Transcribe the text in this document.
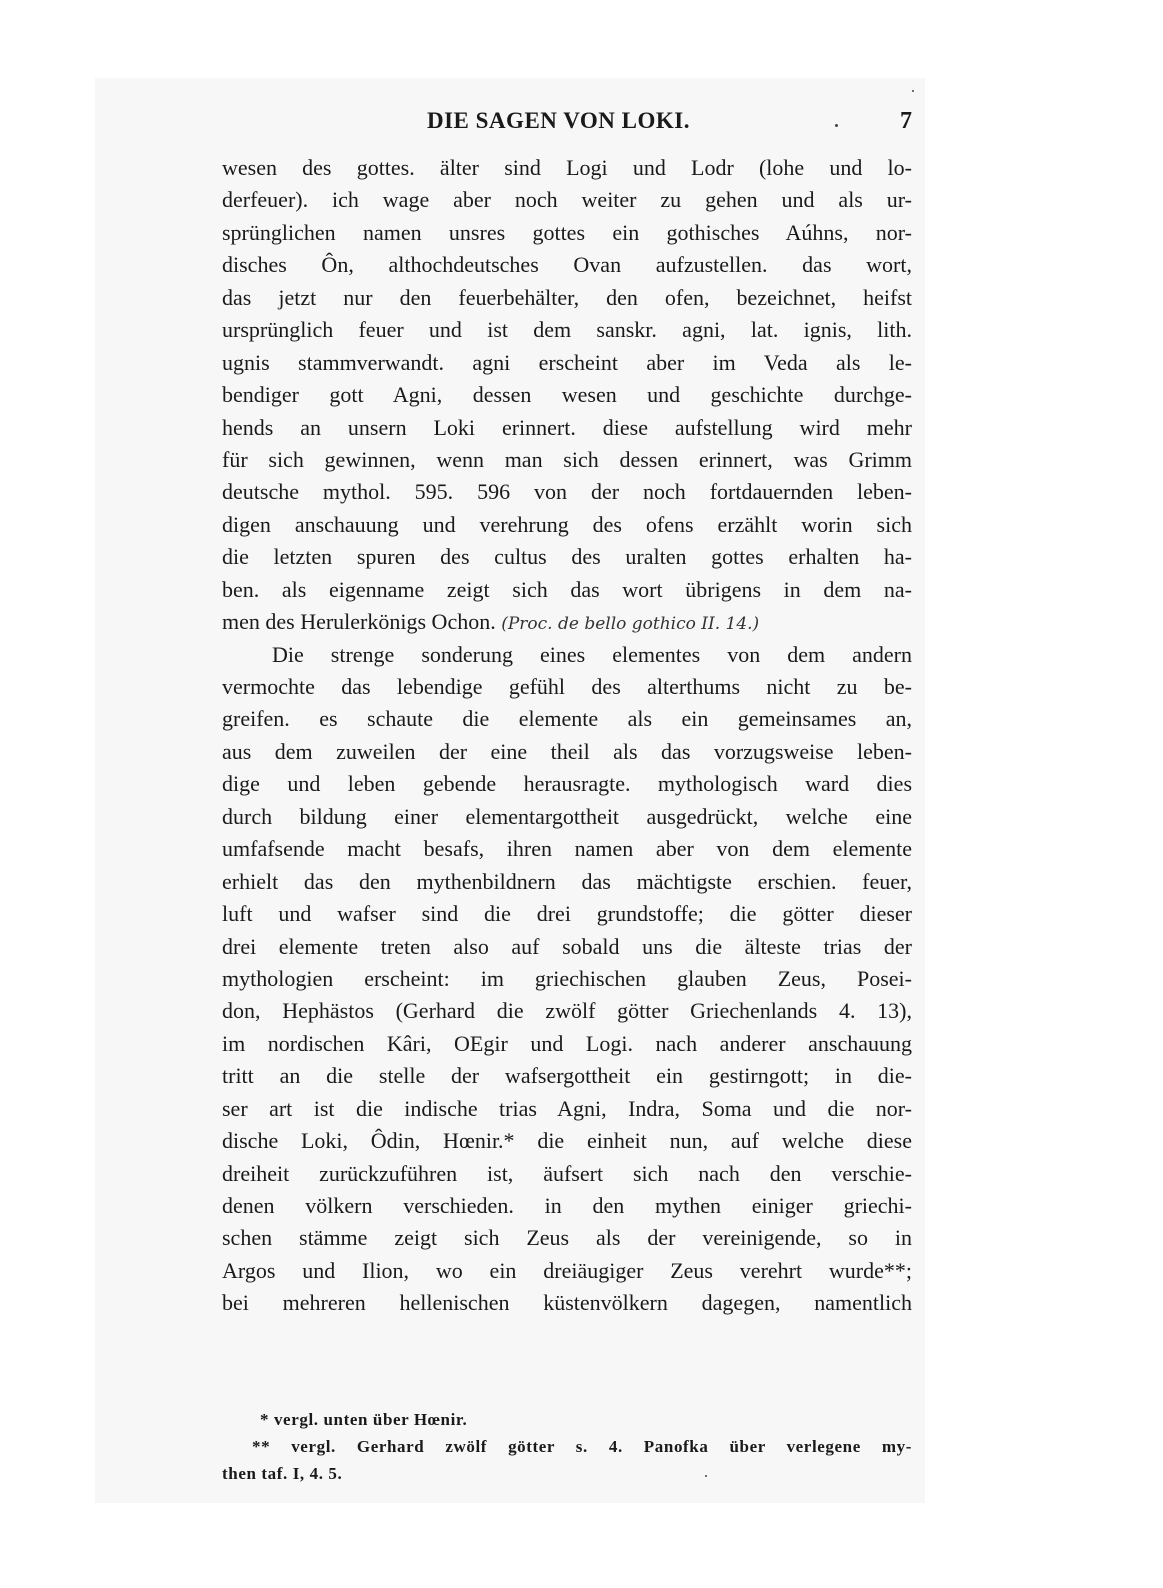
DIE SAGEN VON LOKI.	7
wesen des gottes. älter sind Logi und Lodr (lohe und lo-
derfeuer). ich wage aber noch weiter zu gehen und als ur-
sprünglichen namen unsres gottes ein gothisches Aúhns, nor-
disches Ôn, althochdeutsches Ovan aufzustellen. das wort,
das jetzt nur den feuerbehälter, den ofen, bezeichnet, heifst
ursprünglich feuer und ist dem sanskr. agni, lat. ignis, lith.
ugnis stammverwandt. agni erscheint aber im Veda als le-
bendiger gott Agni, dessen wesen und geschichte durchge-
hends an unsern Loki erinnert. diese aufstellung wird mehr
für sich gewinnen, wenn man sich dessen erinnert, was Grimm
deutsche mythol. 595. 596 von der noch fortdauernden leben-
digen anschauung und verehrung des ofens erzählt worin sich
die letzten spuren des cultus des uralten gottes erhalten ha-
ben. als eigenname zeigt sich das wort übrigens in dem na-
men des Herulerkönigs Ochon. (Proc. de bello gothico II. 14.)
Die strenge sonderung eines elementes von dem andern
vermochte das lebendige gefühl des alterthums nicht zu be-
greifen. es schaute die elemente als ein gemeinsames an,
aus dem zuweilen der eine theil als das vorzugsweise leben-
dige und leben gebende herausragte. mythologisch ward dies
durch bildung einer elementargottheit ausgedrückt, welche eine
umfafsende macht besafs, ihren namen aber von dem elemente
erhielt das den mythenbildnern das mächtigste erschien. feuer,
luft und wafser sind die drei grundstoffe; die götter dieser
drei elemente treten also auf sobald uns die älteste trias der
mythologien erscheint: im griechischen glauben Zeus, Posei-
don, Hephästos (Gerhard die zwölf götter Griechenlands 4. 13),
im nordischen Kâri, OEgir und Logi. nach anderer anschauung
tritt an die stelle der wafsergottheit ein gestirngott; in die-
ser art ist die indische trias Agni, Indra, Soma und die nor-
dische Loki, Ôdin, Hœnir.* die einheit nun, auf welche diese
dreiheit zurückzuführen ist, äufsert sich nach den verschie-
denen völkern verschieden. in den mythen einiger griechi-
schen stämme zeigt sich Zeus als der vereinigende, so in
Argos und Ilion, wo ein dreiäugiger Zeus verehrt wurde**;
bei mehreren hellenischen küstenvölkern dagegen, namentlich
* vergl. unten über Hœnir.
** vergl. Gerhard zwölf götter s. 4. Panofka über verlegene my-
then taf. I, 4. 5.
